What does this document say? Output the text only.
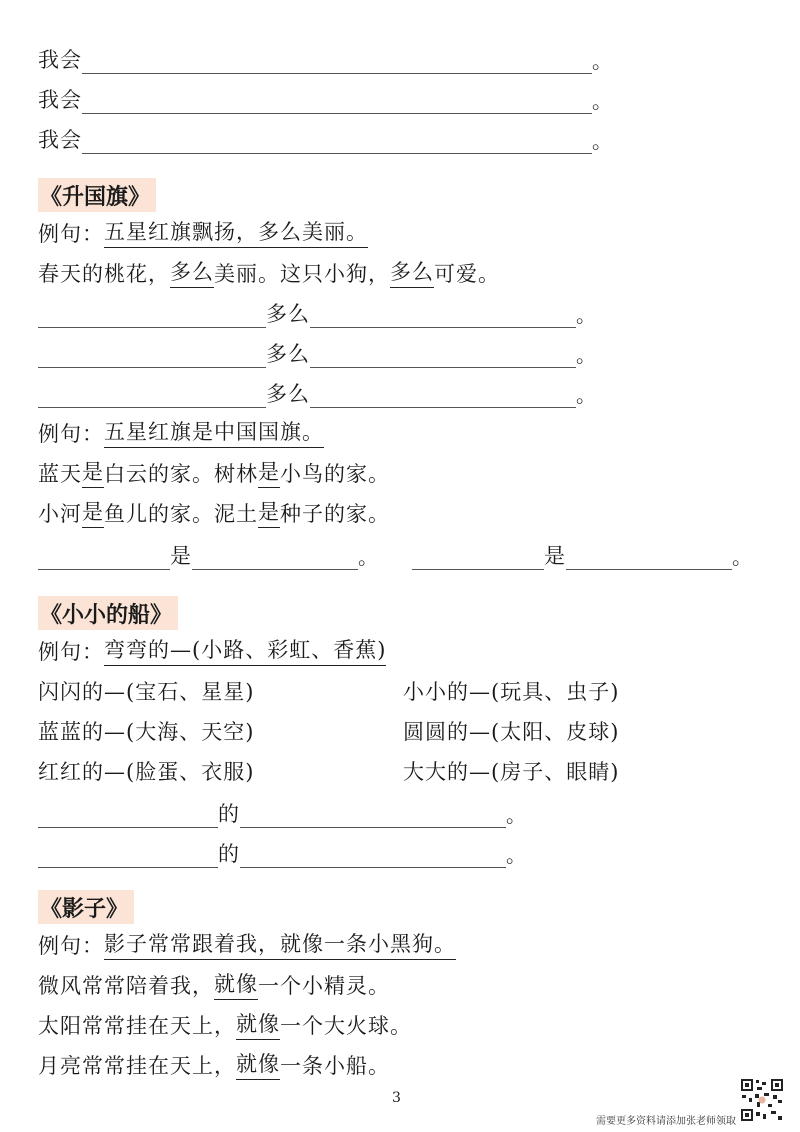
我会	。
我会	。
我会	。
《升国旗》
例句： 五星红旗飘扬，多么美丽。
春天的桃花， 多么 美丽。这只小狗， 多么 可爱。
多么	。
多么	。
多么	。
例句： 五星红旗是中国国旗。
蓝天 是 白云的家。树林 是 小鸟的家。
小河 是 鱼儿的家。泥土 是 种子的家。
是	。	是	。
《小小的船》
例句： 弯弯的—(小路、彩虹、香蕉)
闪闪的—(宝石、星星)	小小的—(玩具、虫子)
蓝蓝的—(大海、天空)	圆圆的—(太阳、皮球)
红红的—(脸蛋、衣服)	大大的—(房子、眼睛)
的	。
的	。
《影子》
例句： 影子常常跟着我，就像一条小黑狗。
微风常常陪着我， 就像 一个小精灵。
太阳常常挂在天上， 就像 一个大火球。
月亮常常挂在天上， 就像 一条小船。
3
需要更多资料请添加张老师领取
